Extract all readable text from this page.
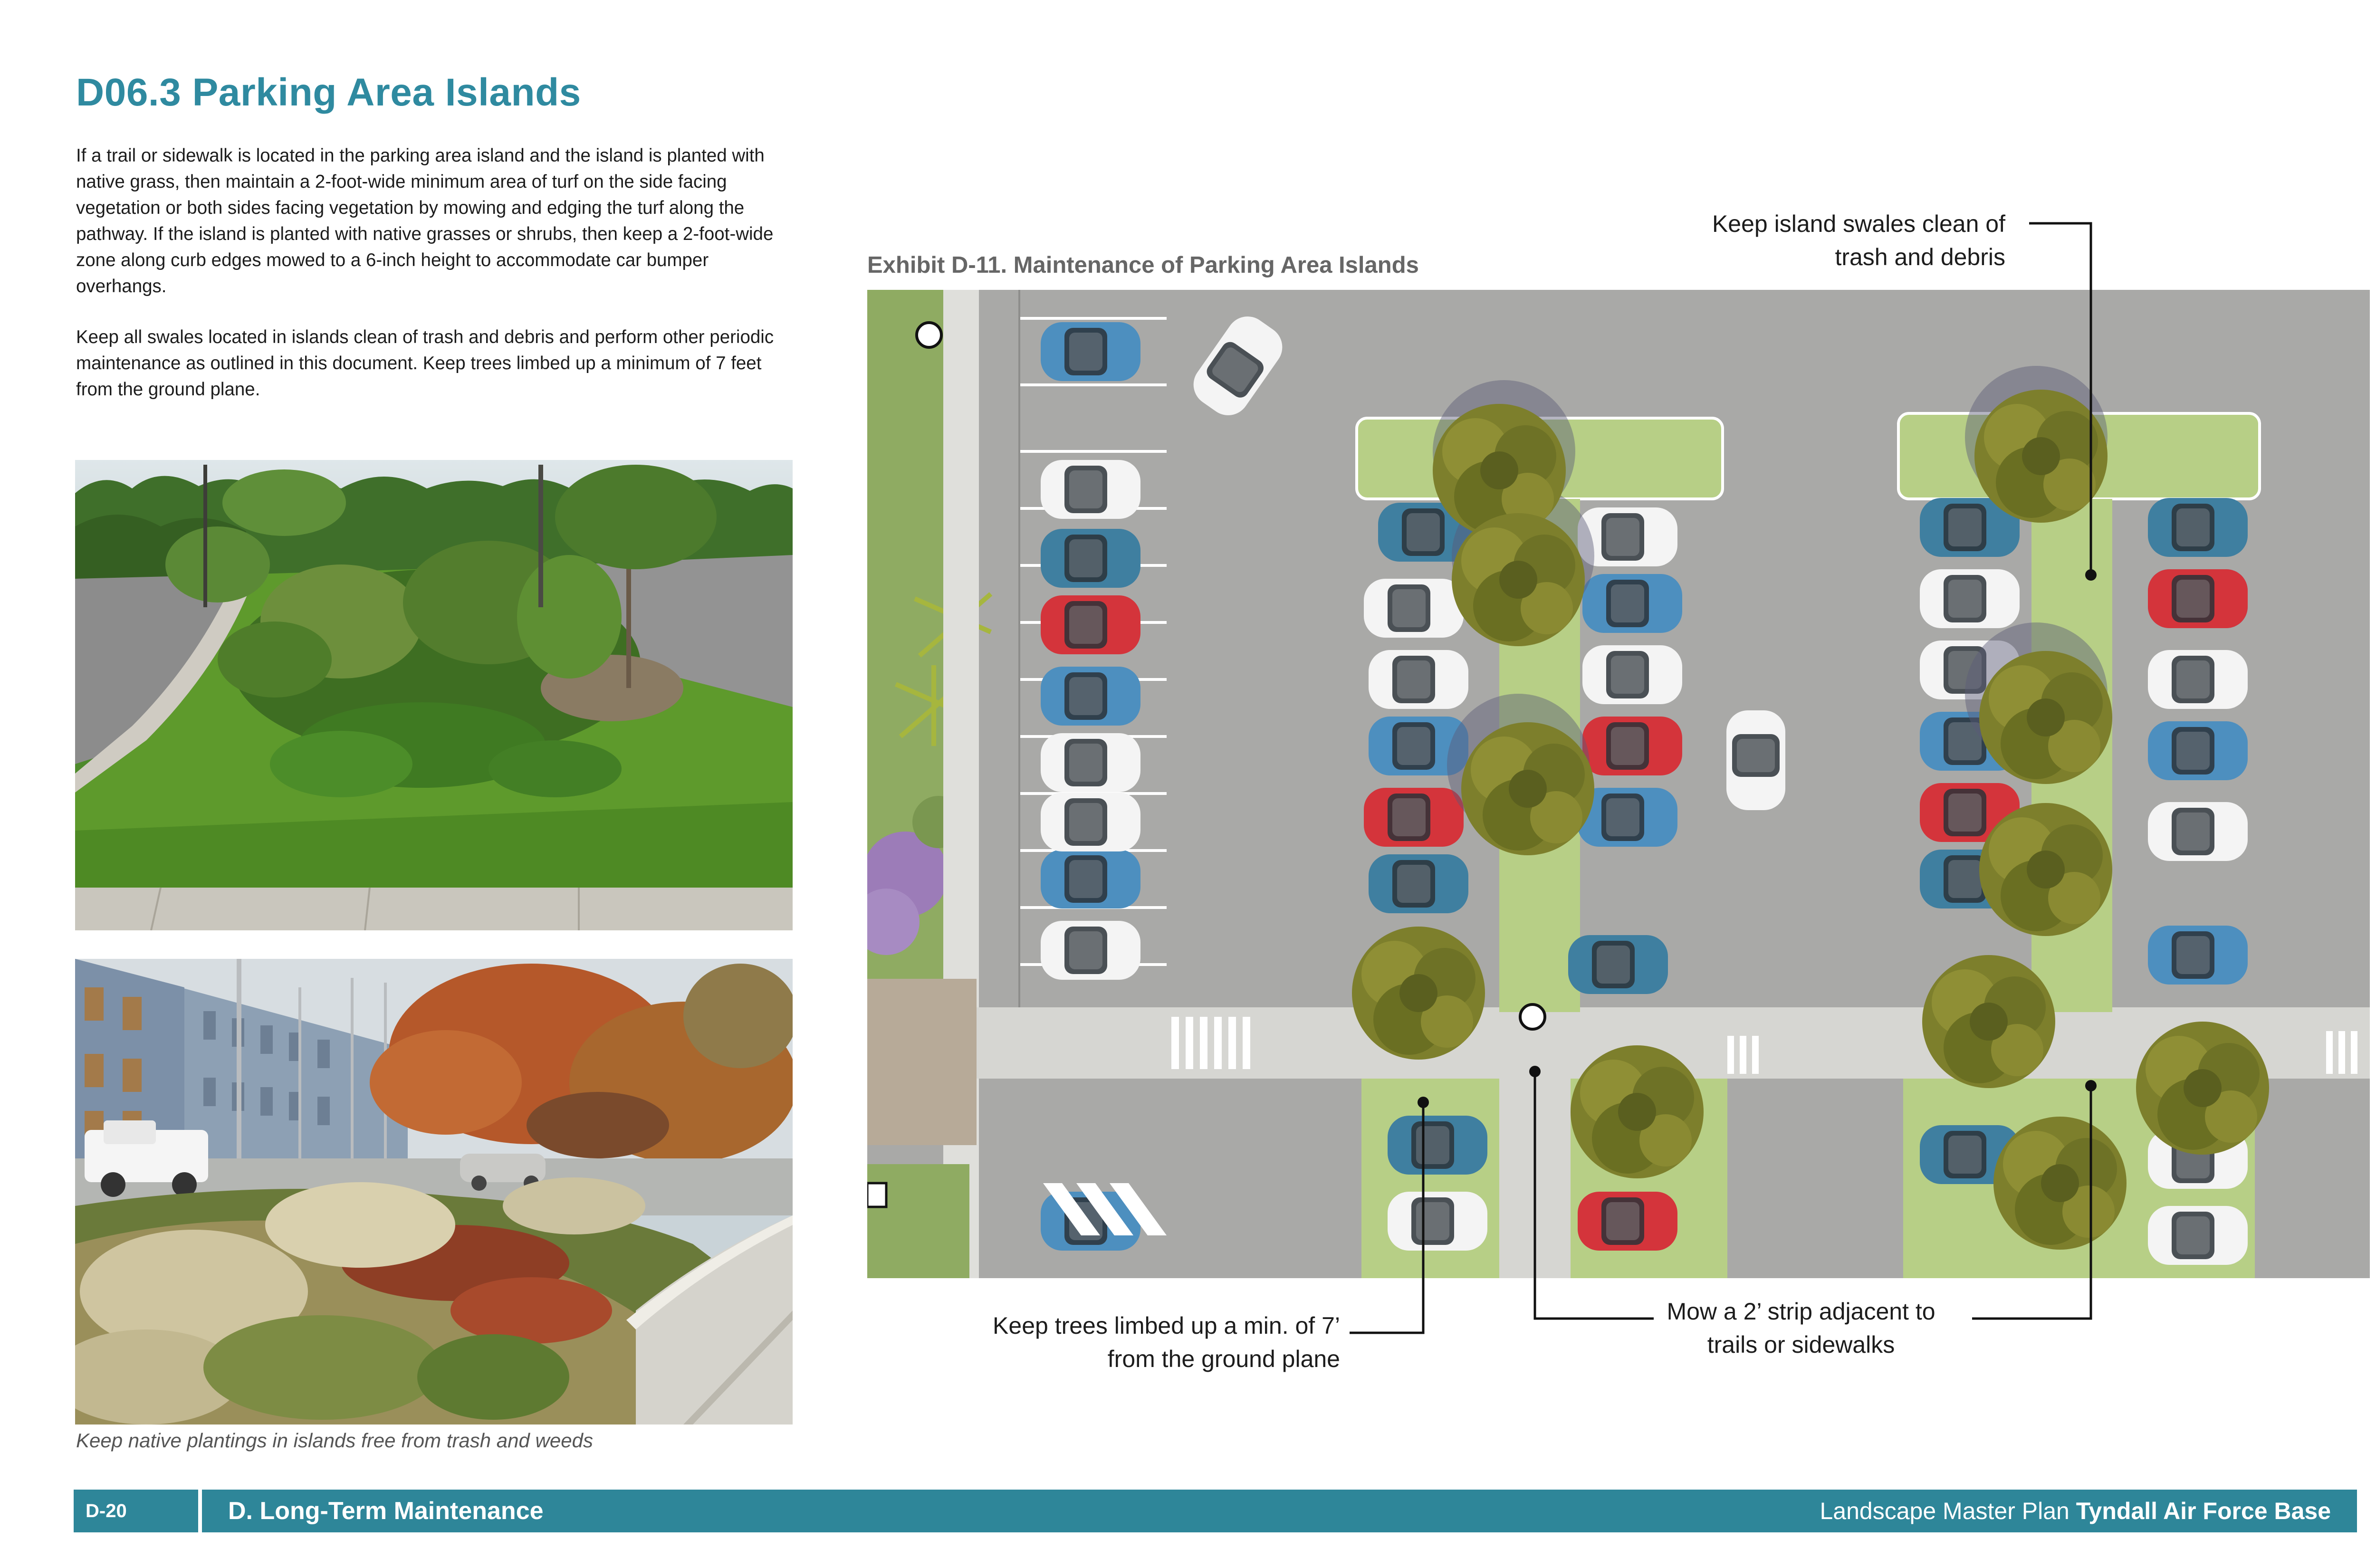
D06.3 Parking Area Islands
If a trail or sidewalk is located in the parking area island and the island is planted with native grass, then maintain a 2-foot-wide minimum area of turf on the side facing vegetation or both sides facing vegetation by mowing and edging the turf along the pathway. If the island is planted with native grasses or shrubs, then keep a 2-foot-wide zone along curb edges mowed to a 6-inch height to accommodate car bumper overhangs.
Keep all swales located in islands clean of trash and debris and perform other periodic maintenance as outlined in this document. Keep trees limbed up a minimum of 7 feet from the ground plane.
Keep native plantings in islands free from trash and weeds
Exhibit D-11. Maintenance of Parking Area Islands
Keep island swales clean of
trash and debris
Keep trees limbed up a min. of 7’
from the ground plane
Mow a 2’ strip adjacent to
trails or sidewalks
D-20	D. Long-Term Maintenance	Landscape Master Plan Tyndall Air Force Base
